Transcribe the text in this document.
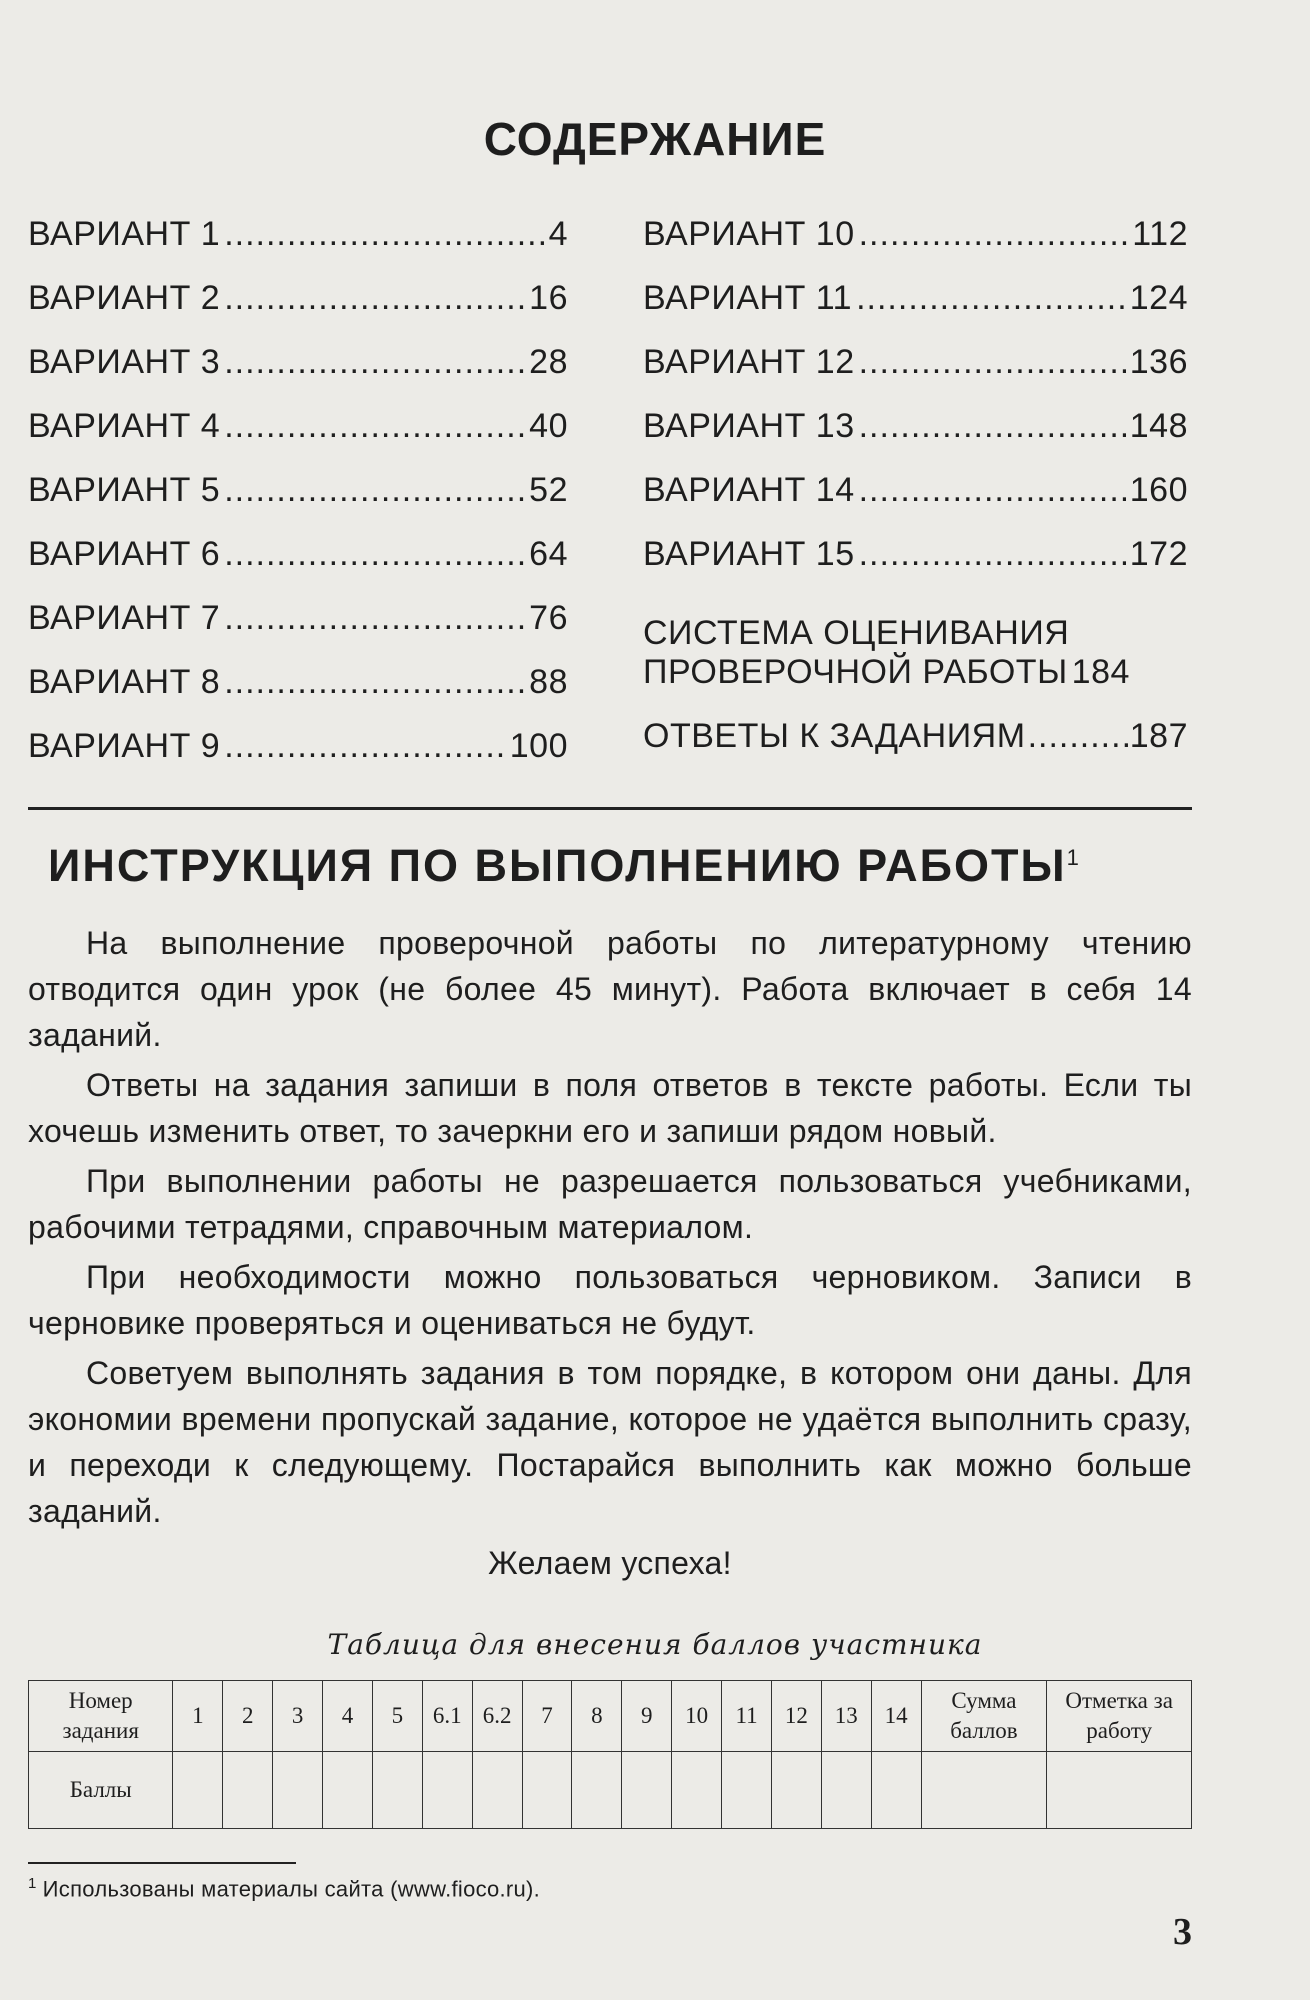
СОДЕРЖАНИЕ
ВАРИАНТ 1 .....	4
ВАРИАНТ 2 .....	16
ВАРИАНТ 3 .....	28
ВАРИАНТ 4 .....	40
ВАРИАНТ 5 .....	52
ВАРИАНТ 6 .....	64
ВАРИАНТ 7 .....	76
ВАРИАНТ 8 .....	88
ВАРИАНТ 9 .....	100
ВАРИАНТ 10 .....	112
ВАРИАНТ 11 .....	124
ВАРИАНТ 12 .....	136
ВАРИАНТ 13 .....	148
ВАРИАНТ 14 .....	160
ВАРИАНТ 15 .....	172
СИСТЕМА ОЦЕНИВАНИЯ
ПРОВЕРОЧНОЙ РАБОТЫ 184
ОТВЕТЫ К ЗАДАНИЯМ .....	187
ИНСТРУКЦИЯ ПО ВЫПОЛНЕНИЮ РАБОТЫ$^1$

На выполнение проверочной работы по литературному чтению отводится один урок (не более 45 минут). Работа включает в себя 14 заданий.

Ответы на задания запиши в поля ответов в тексте работы. Если ты хочешь изменить ответ, то зачеркни его и запиши рядом новый.

При выполнении работы не разрешается пользоваться учебниками, рабочими тетрадями, справочным материалом.

При необходимости можно пользоваться черновиком. Записи в черновике проверяться и оцениваться не будут.

Советуем выполнять задания в том порядке, в котором они даны. Для экономии времени пропускай задание, которое не удаётся выполнить сразу, и переходи к следующему. Постарайся выполнить как можно больше заданий.

Желаем успеха!

Таблица для внесения баллов участника
Номер задания	1	2	3	4	5	6.1	6.2	7	8	9	10	11	12	13	14	Сумма баллов	Отметка за работу
Баллы																	
$^1$ Использованы материалы сайта (www.fioco.ru).
3
